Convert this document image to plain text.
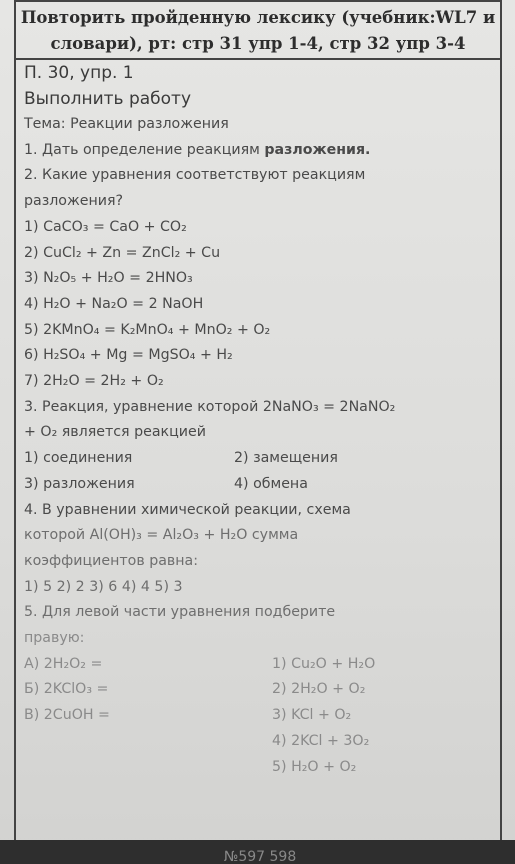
Повторить пройденную лексику (учебник:WL7 и
словари), рт: стр 31 упр 1-4, стр 32 упр 3-4
П. 30, упр. 1
Выполнить работу
Тема: Реакции разложения
1. Дать определение реакциям разложения.
2. Какие уравнения соответствуют реакциям
разложения?
1) CaCO₃ = CaO + CO₂
2) CuCl₂ + Zn = ZnCl₂ + Cu
3) N₂O₅ + H₂O = 2HNO₃
4) H₂O + Na₂O = 2 NaOH
5) 2KMnO₄ = K₂MnO₄ + MnO₂ + O₂
6) H₂SO₄ + Mg = MgSO₄ + H₂
7) 2H₂O = 2H₂ + O₂
3. Реакция, уравнение которой 2NaNO₃ = 2NaNO₂
+ O₂ является реакцией
1) соединения	2) замещения
3) разложения	4) обмена
4. В уравнении химической реакции, схема
которой Al(OH)₃ = Al₂O₃ + H₂O сумма
коэффициентов равна:
1) 5 2) 2 3) 6 4) 4 5) 3
5. Для левой части уравнения подберите
правую:
А) 2H₂O₂ =	1) Cu₂O + H₂O
Б) 2KClO₃ =	2) 2H₂O + O₂
В) 2CuOH =	3) KCl + O₂
4) 2KCl + 3O₂
5) H₂O + O₂
№597 598
